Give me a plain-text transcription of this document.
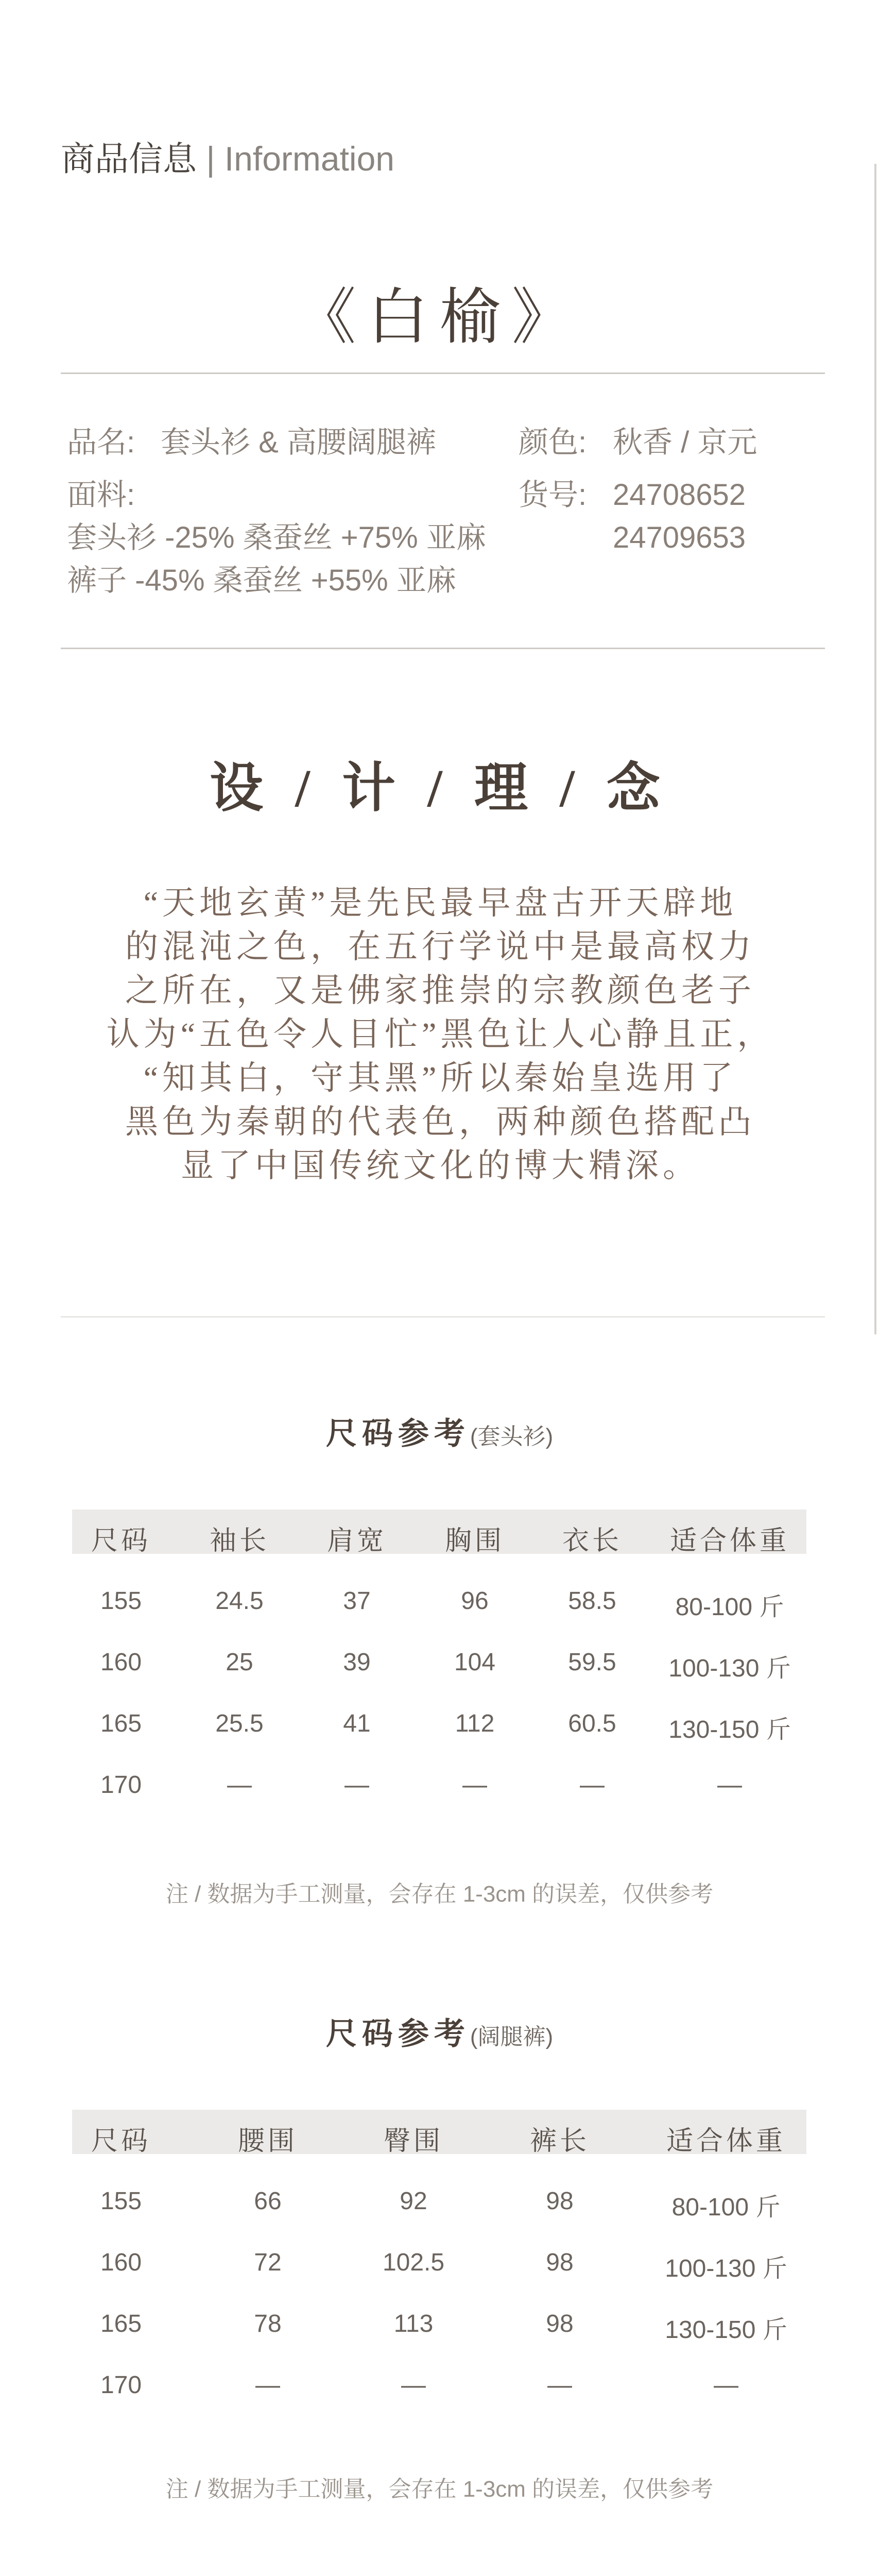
商品信息 | Information
《白榆》
品名: 套头衫 & 高腰阔腿裤	颜色: 秋香 / 京元
面料:
套头衫 -25% 桑蚕丝 +75% 亚麻
裤子 -45% 桑蚕丝 +55% 亚麻
货号: 24708652
24709653
设 / 计 / 理 / 念
“天地玄黄”是先民最早盘古开天辟地
的混沌之色，在五行学说中是最高权力
之所在，又是佛家推崇的宗教颜色老子
认为“五色令人目忙”黑色让人心静且正，
“知其白，守其黑”所以秦始皇选用了
黑色为秦朝的代表色，两种颜色搭配凸
显了中国传统文化的博大精深。
尺码参考(套头衫)
尺码 袖长 肩宽 胸围 衣长 适合体重
155	24.5	37	96	58.5 80-100 斤
160	25	39	104	59.5 100-130 斤
165	25.5	41	112	60.5 130-150 斤
170	—	—	—	—	—
注 / 数据为手工测量，会存在 1-3cm 的误差，仅供参考
尺码参考(阔腿裤)
尺码	腰围	臀围	裤长	适合体重
155	66	92	98	80-100 斤
160	72	102.5	98	100-130 斤
165	78	113	98	130-150 斤
170	—	—	—	—
注 / 数据为手工测量，会存在 1-3cm 的误差，仅供参考
